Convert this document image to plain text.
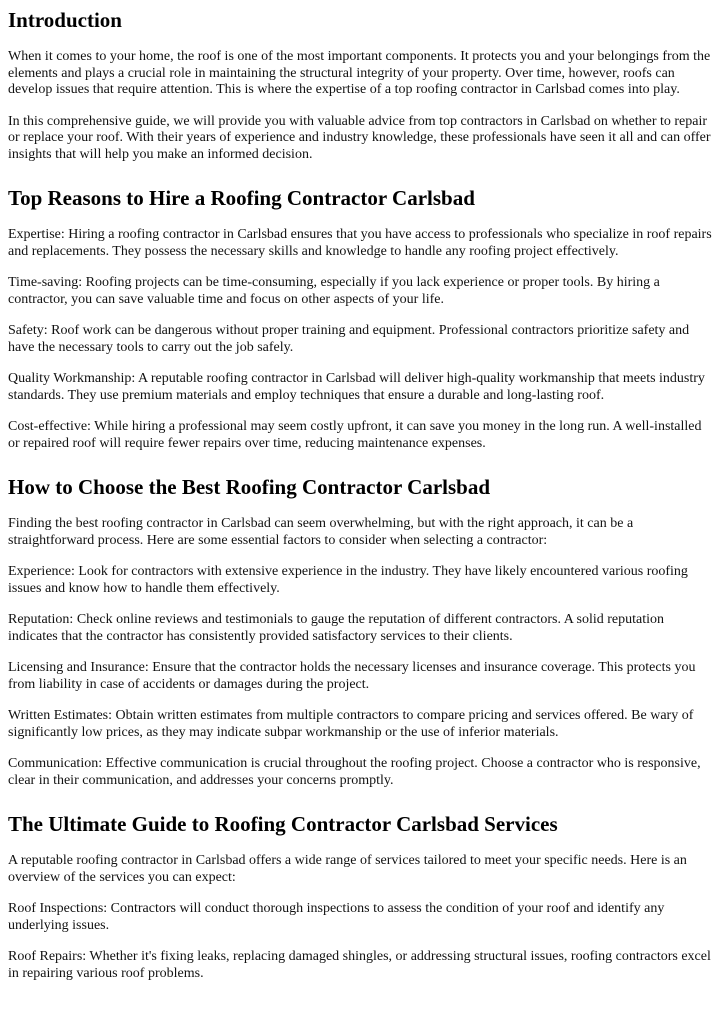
Introduction

When it comes to your home, the roof is one of the most important components. It protects you and your belongings from the elements and plays a crucial role in maintaining the structural integrity of your property. Over time, however, roofs can develop issues that require attention. This is where the expertise of a top roofing contractor in Carlsbad comes into play.

In this comprehensive guide, we will provide you with valuable advice from top contractors in Carlsbad on whether to repair or replace your roof. With their years of experience and industry knowledge, these professionals have seen it all and can offer insights that will help you make an informed decision.

Top Reasons to Hire a Roofing Contractor Carlsbad

Expertise: Hiring a roofing contractor in Carlsbad ensures that you have access to professionals who specialize in roof repairs and replacements. They possess the necessary skills and knowledge to handle any roofing project effectively.

Time-saving: Roofing projects can be time-consuming, especially if you lack experience or proper tools. By hiring a contractor, you can save valuable time and focus on other aspects of your life.

Safety: Roof work can be dangerous without proper training and equipment. Professional contractors prioritize safety and have the necessary tools to carry out the job safely.

Quality Workmanship: A reputable roofing contractor in Carlsbad will deliver high-quality workmanship that meets industry standards. They use premium materials and employ techniques that ensure a durable and long-lasting roof.

Cost-effective: While hiring a professional may seem costly upfront, it can save you money in the long run. A well-installed or repaired roof will require fewer repairs over time, reducing maintenance expenses.

How to Choose the Best Roofing Contractor Carlsbad

Finding the best roofing contractor in Carlsbad can seem overwhelming, but with the right approach, it can be a straightforward process. Here are some essential factors to consider when selecting a contractor:

Experience: Look for contractors with extensive experience in the industry. They have likely encountered various roofing issues and know how to handle them effectively.

Reputation: Check online reviews and testimonials to gauge the reputation of different contractors. A solid reputation indicates that the contractor has consistently provided satisfactory services to their clients.

Licensing and Insurance: Ensure that the contractor holds the necessary licenses and insurance coverage. This protects you from liability in case of accidents or damages during the project.

Written Estimates: Obtain written estimates from multiple contractors to compare pricing and services offered. Be wary of significantly low prices, as they may indicate subpar workmanship or the use of inferior materials.

Communication: Effective communication is crucial throughout the roofing project. Choose a contractor who is responsive, clear in their communication, and addresses your concerns promptly.

The Ultimate Guide to Roofing Contractor Carlsbad Services

A reputable roofing contractor in Carlsbad offers a wide range of services tailored to meet your specific needs. Here is an overview of the services you can expect:

Roof Inspections: Contractors will conduct thorough inspections to assess the condition of your roof and identify any underlying issues.

Roof Repairs: Whether it's fixing leaks, replacing damaged shingles, or addressing structural issues, roofing contractors excel in repairing various roof problems.
